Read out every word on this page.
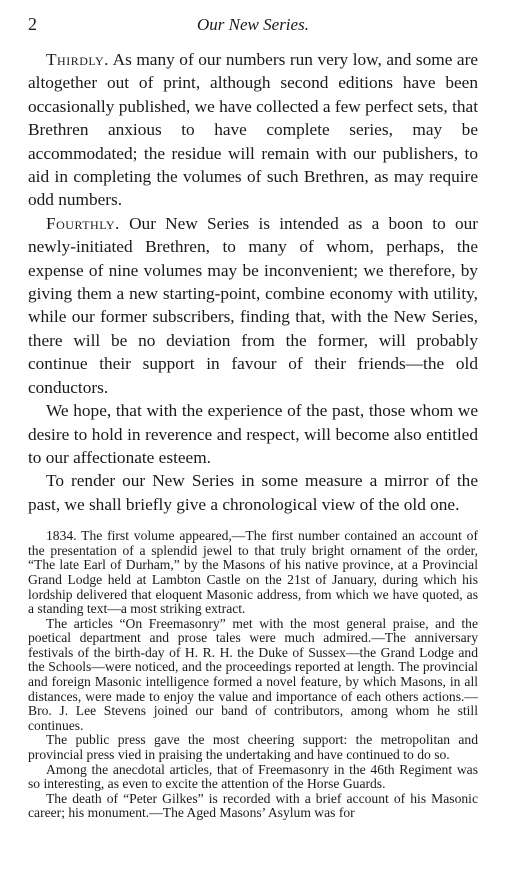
2	Our New Series.

Thirdly. As many of our numbers run very low, and some are altogether out of print, although second editions have been occasionally published, we have collected a few perfect sets, that Brethren anxious to have complete series, may be accommodated; the residue will remain with our publishers, to aid in completing the volumes of such Brethren, as may require odd numbers.

Fourthly. Our New Series is intended as a boon to our newly-initiated Brethren, to many of whom, perhaps, the expense of nine volumes may be inconvenient; we therefore, by giving them a new starting-point, combine economy with utility, while our former subscribers, finding that, with the New Series, there will be no deviation from the former, will probably continue their support in favour of their friends—the old conductors.

We hope, that with the experience of the past, those whom we desire to hold in reverence and respect, will become also entitled to our affectionate esteem.

To render our New Series in some measure a mirror of the past, we shall briefly give a chronological view of the old one.

1834. The first volume appeared,—The first number contained an account of the presentation of a splendid jewel to that truly bright ornament of the order, “The late Earl of Durham,” by the Masons of his native province, at a Provincial Grand Lodge held at Lambton Castle on the 21st of January, during which his lordship delivered that eloquent Masonic address, from which we have quoted, as a standing text—a most striking extract.

The articles “On Freemasonry” met with the most general praise, and the poetical department and prose tales were much admired.—The anniversary festivals of the birth-day of H. R. H. the Duke of Sussex—the Grand Lodge and the Schools—were noticed, and the proceedings reported at length. The provincial and foreign Masonic intelligence formed a novel feature, by which Masons, in all distances, were made to enjoy the value and importance of each others actions.—Bro. J. Lee Stevens joined our band of contributors, among whom he still continues.

The public press gave the most cheering support: the metropolitan and provincial press vied in praising the undertaking and have continued to do so.

Among the anecdotal articles, that of Freemasonry in the 46th Regiment was so interesting, as even to excite the attention of the Horse Guards.

The death of “Peter Gilkes” is recorded with a brief account of his Masonic career; his monument.—The Aged Masons’ Asylum was for
